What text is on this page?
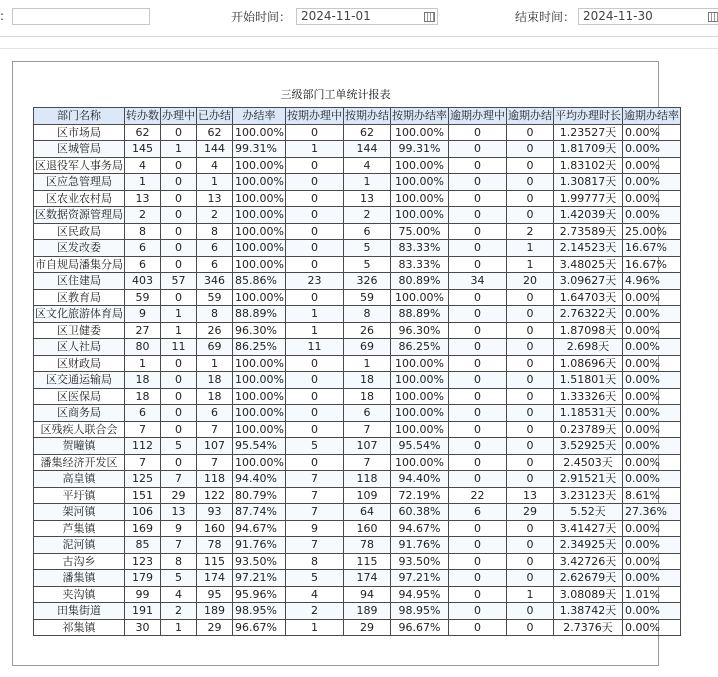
:	开始时间： 2024-11-01	结束时间： 2024-11-30
三级部门工单统计报表
部门名称	转办数	办理中	已办结	办结率	按期办理中	按期办结	按期办结率	逾期办理中	逾期办结	平均办理时长	逾期办结率
区市场局	62	0	62	100.00%	0	62	100.00%	0	0	1.23527天	0.00%
区城管局	145	1	144	99.31%	1	144	99.31%	0	0	1.81709天	0.00%
区退役军人事务局	4	0	4	100.00%	0	4	100.00%	0	0	1.83102天	0.00%
区应急管理局	1	0	1	100.00%	0	1	100.00%	0	0	1.30817天	0.00%
区农业农村局	13	0	13	100.00%	0	13	100.00%	0	0	1.99777天	0.00%
区数据资源管理局	2	0	2	100.00%	0	2	100.00%	0	0	1.42039天	0.00%
区民政局	8	0	8	100.00%	0	6	75.00%	0	2	2.73589天	25.00%
区发改委	6	0	6	100.00%	0	5	83.33%	0	1	2.14523天	16.67%
市自规局潘集分局	6	0	6	100.00%	0	5	83.33%	0	1	3.48025天	16.67%
区住建局	403	57	346	85.86%	23	326	80.89%	34	20	3.09627天	4.96%
区教育局	59	0	59	100.00%	0	59	100.00%	0	0	1.64703天	0.00%
区文化旅游体育局	9	1	8	88.89%	1	8	88.89%	0	0	2.76322天	0.00%
区卫健委	27	1	26	96.30%	1	26	96.30%	0	0	1.87098天	0.00%
区人社局	80	11	69	86.25%	11	69	86.25%	0	0	2.698天	0.00%
区财政局	1	0	1	100.00%	0	1	100.00%	0	0	1.08696天	0.00%
区交通运输局	18	0	18	100.00%	0	18	100.00%	0	0	1.51801天	0.00%
区医保局	18	0	18	100.00%	0	18	100.00%	0	0	1.33326天	0.00%
区商务局	6	0	6	100.00%	0	6	100.00%	0	0	1.18531天	0.00%
区残疾人联合会	7	0	7	100.00%	0	7	100.00%	0	0	0.23789天	0.00%
贺疃镇	112	5	107	95.54%	5	107	95.54%	0	0	3.52925天	0.00%
潘集经济开发区	7	0	7	100.00%	0	7	100.00%	0	0	2.4503天	0.00%
高皇镇	125	7	118	94.40%	7	118	94.40%	0	0	2.91521天	0.00%
平圩镇	151	29	122	80.79%	7	109	72.19%	22	13	3.23123天	8.61%
架河镇	106	13	93	87.74%	7	64	60.38%	6	29	5.52天	27.36%
芦集镇	169	9	160	94.67%	9	160	94.67%	0	0	3.41427天	0.00%
泥河镇	85	7	78	91.76%	7	78	91.76%	0	0	2.34925天	0.00%
古沟乡	123	8	115	93.50%	8	115	93.50%	0	0	3.42726天	0.00%
潘集镇	179	5	174	97.21%	5	174	97.21%	0	0	2.62679天	0.00%
夹沟镇	99	4	95	95.96%	4	94	94.95%	0	1	3.08089天	1.01%
田集街道	191	2	189	98.95%	2	189	98.95%	0	0	1.38742天	0.00%
祁集镇	30	1	29	96.67%	1	29	96.67%	0	0	2.7376天	0.00%
